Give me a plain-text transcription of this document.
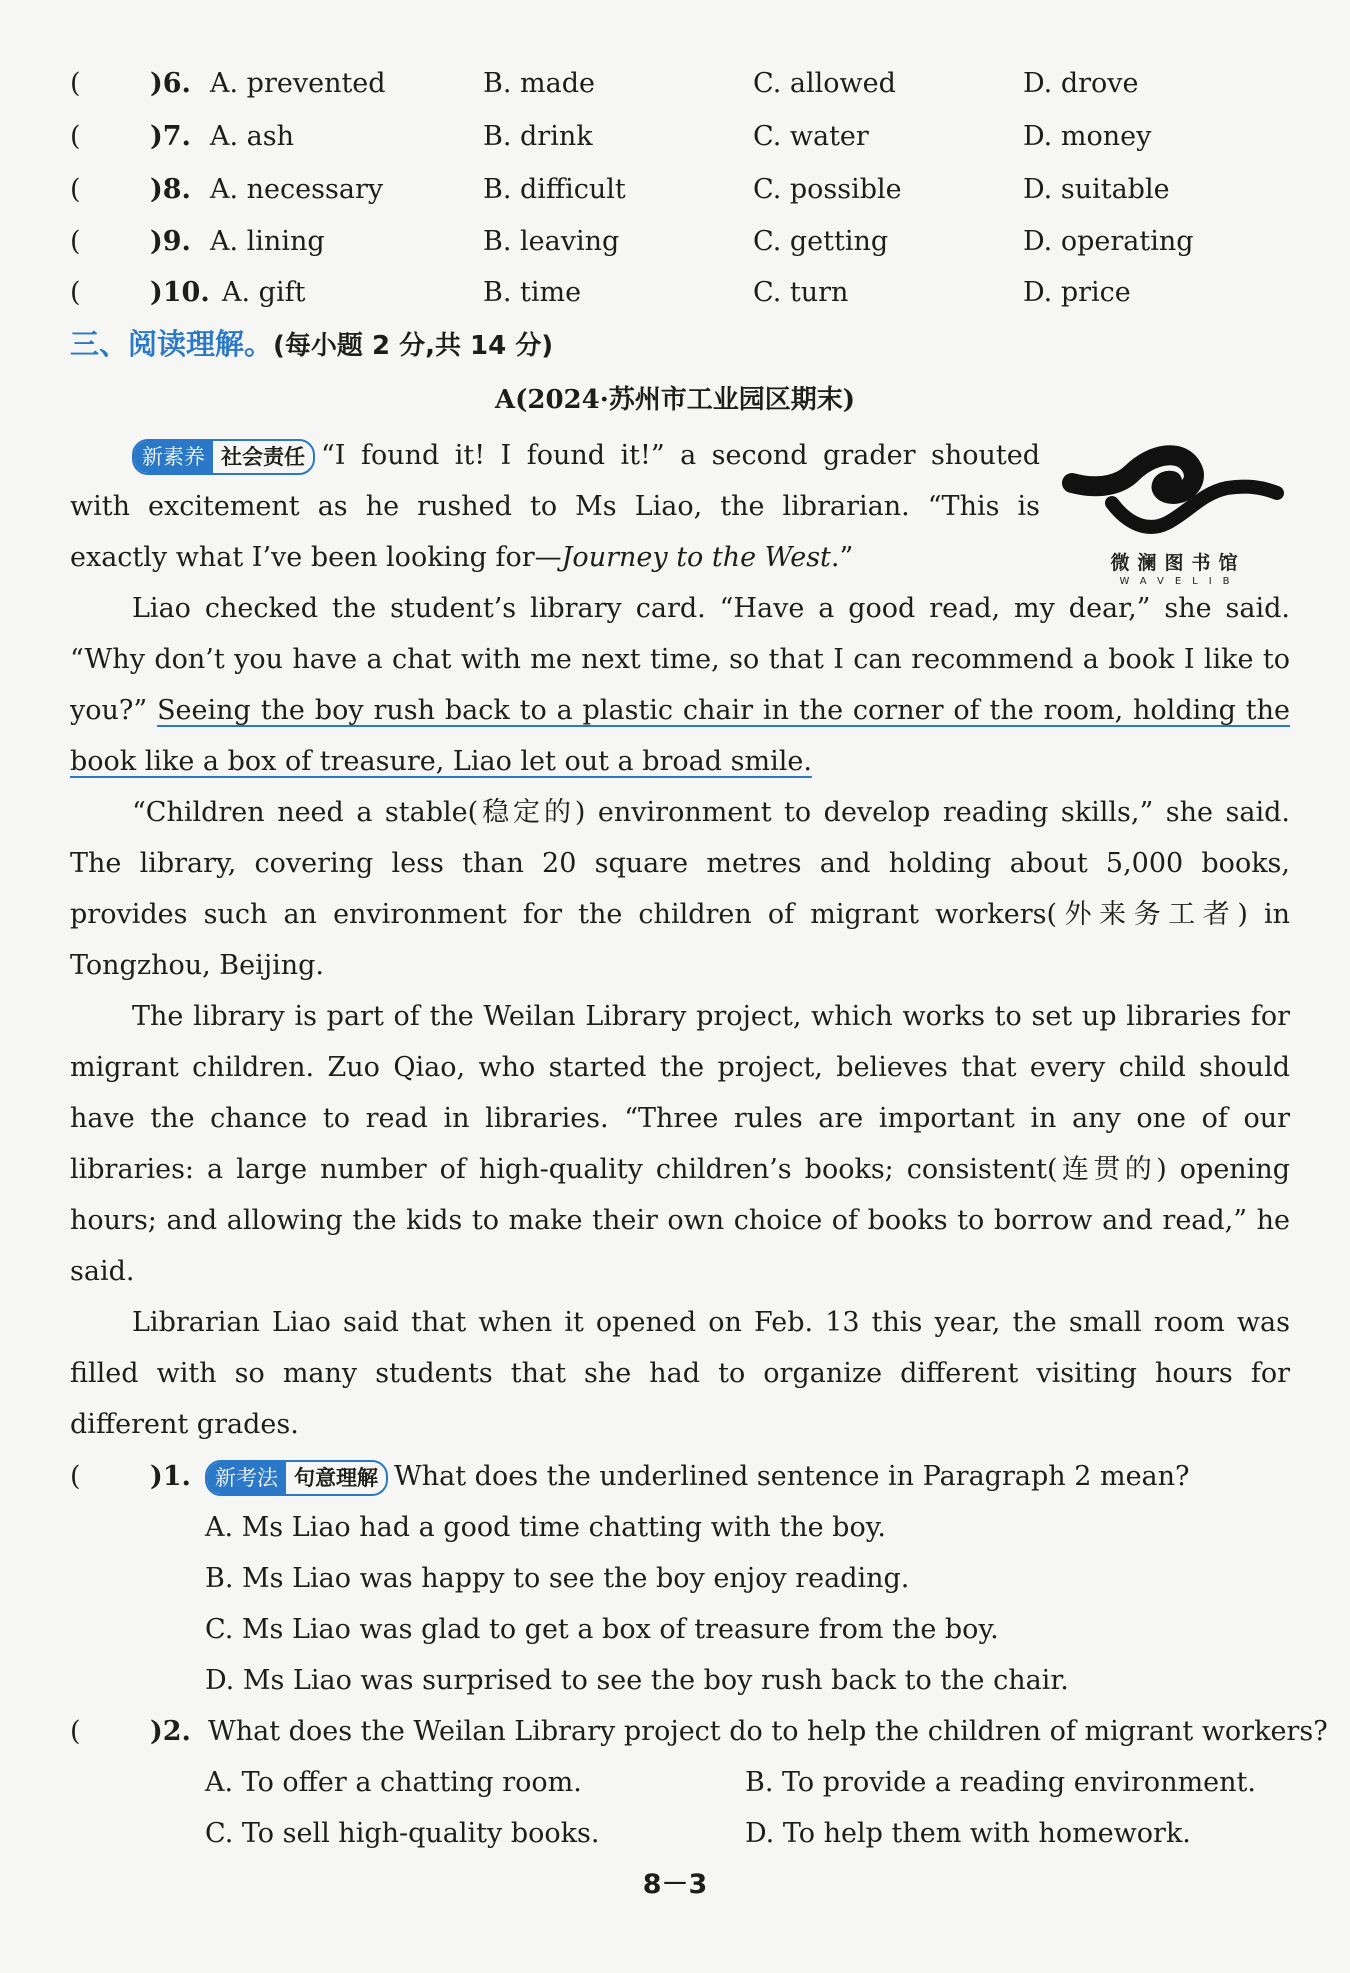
(	)6. A. prevented	B. made	C. allowed	D. drove
(	)7. A. ash	B. drink	C. water	D. money
(	)8. A. necessary	B. difficult	C. possible	D. suitable
(	)9. A. lining	B. leaving	C. getting	D. operating
(	)10. A. gift	B. time	C. turn	D. price
三、阅读理解。(每小题 2 分,共 14 分)
A(2024·苏州市工业园区期末)
微澜图书馆
WAVELIB
新素养 社会责任 “I found it! I found it!” a second grader shouted with excitement as he rushed to Ms Liao, the librarian. “This is exactly what I’ve been looking for—Journey to the West.”
Liao checked the student’s library card. “Have a good read, my dear,” she said. “Why don’t you have a chat with me next time, so that I can recommend a book I like to you?” Seeing the boy rush back to a plastic chair in the corner of the room, holding the book like a box of treasure, Liao let out a broad smile.
“Children need a stable(稳定的) environment to develop reading skills,” she said. The library, covering less than 20 square metres and holding about 5,000 books, provides such an environment for the children of migrant workers(外来务工者) in Tongzhou, Beijing.
The library is part of the Weilan Library project, which works to set up libraries for migrant children. Zuo Qiao, who started the project, believes that every child should have the chance to read in libraries. “Three rules are important in any one of our libraries: a large number of high-quality children’s books; consistent(连贯的) opening hours; and allowing the kids to make their own choice of books to borrow and read,” he said.
Librarian Liao said that when it opened on Feb. 13 this year, the small room was filled with so many students that she had to organize different visiting hours for different grades.
(	)1.	新考法 句意理解 What does the underlined sentence in Paragraph 2 mean?
A. Ms Liao had a good time chatting with the boy.
B. Ms Liao was happy to see the boy enjoy reading.
C. Ms Liao was glad to get a box of treasure from the boy.
D. Ms Liao was surprised to see the boy rush back to the chair.
(	)2. What does the Weilan Library project do to help the children of migrant workers?
A. To offer a chatting room.	B. To provide a reading environment.
C. To sell high-quality books.	D. To help them with homework.
8－3
